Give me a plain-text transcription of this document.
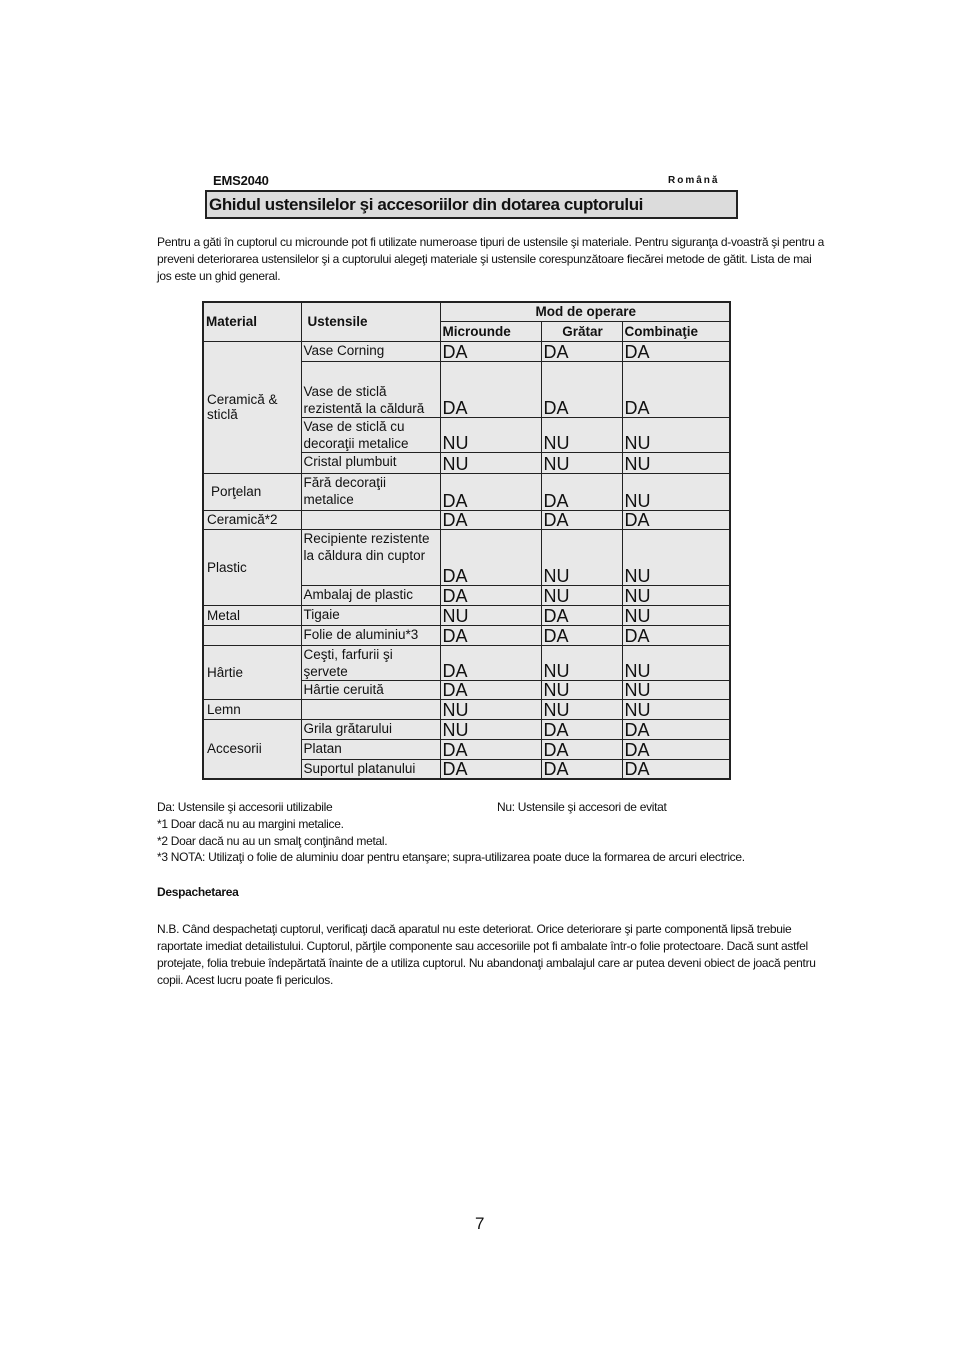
EMS2040	Română
Ghidul ustensilelor şi accesoriilor din dotarea cuptorului
Pentru a găti în cuptorul cu microunde pot fi utilizate numeroase tipuri de ustensile şi materiale. Pentru siguranţa d-voastră şi pentru a preveni deteriorarea ustensilelor şi a cuptorului alegeţi materiale şi ustensile corespunzătoare fiecărei metode de gătit. Lista de mai jos este un ghid general.
Material	Ustensile	Mod de operare		
		Microunde	Grătar	Combinaţie
Ceramică & sticlă	Vase Corning	DA	DA	DA
	Vase de sticlă rezistentă la căldură	DA	DA	DA
	Vase de sticlă cu decoraţii metalice	NU	NU	NU
	Cristal plumbuit	NU	NU	NU
Porţelan	Fără decoraţii metalice	DA	DA	NU
Ceramică*2		DA	DA	DA
Plastic	Recipiente rezistente la căldura din cuptor	DA	NU	NU
	Ambalaj de plastic	DA	NU	NU
Metal	Tigaie	NU	DA	NU
	Folie de aluminiu*3	DA	DA	DA
Hârtie	Ceşti, farfurii şi şervete	DA	NU	NU
	Hârtie ceruită	DA	NU	NU
Lemn		NU	NU	NU
Accesorii	Grila grătarului	NU	DA	DA
	Platan	DA	DA	DA
	Suportul platanului	DA	DA	DA
Da: Ustensile şi accesorii utilizabile	Nu: Ustensile şi accesori de evitat
*1 Doar dacă nu au margini metalice.
*2 Doar dacă nu au un smalţ conţinând metal.
*3 NOTA: Utilizaţi o folie de aluminiu doar pentru etanşare; supra-utilizarea poate duce la formarea de arcuri electrice.
Despachetarea
N.B. Când despachetaţi cuptorul, verificaţi dacă aparatul nu este deteriorat. Orice deteriorare şi parte componentă lipsă trebuie raportate imediat detailistului. Cuptorul, părţile componente sau accesoriile pot fi ambalate într-o folie protectoare. Dacă sunt astfel protejate, folia trebuie îndepărtată înainte de a utiliza cuptorul. Nu abandonaţi ambalajul care ar putea deveni obiect de joacă pentru copii. Acest lucru poate fi periculos.
7
